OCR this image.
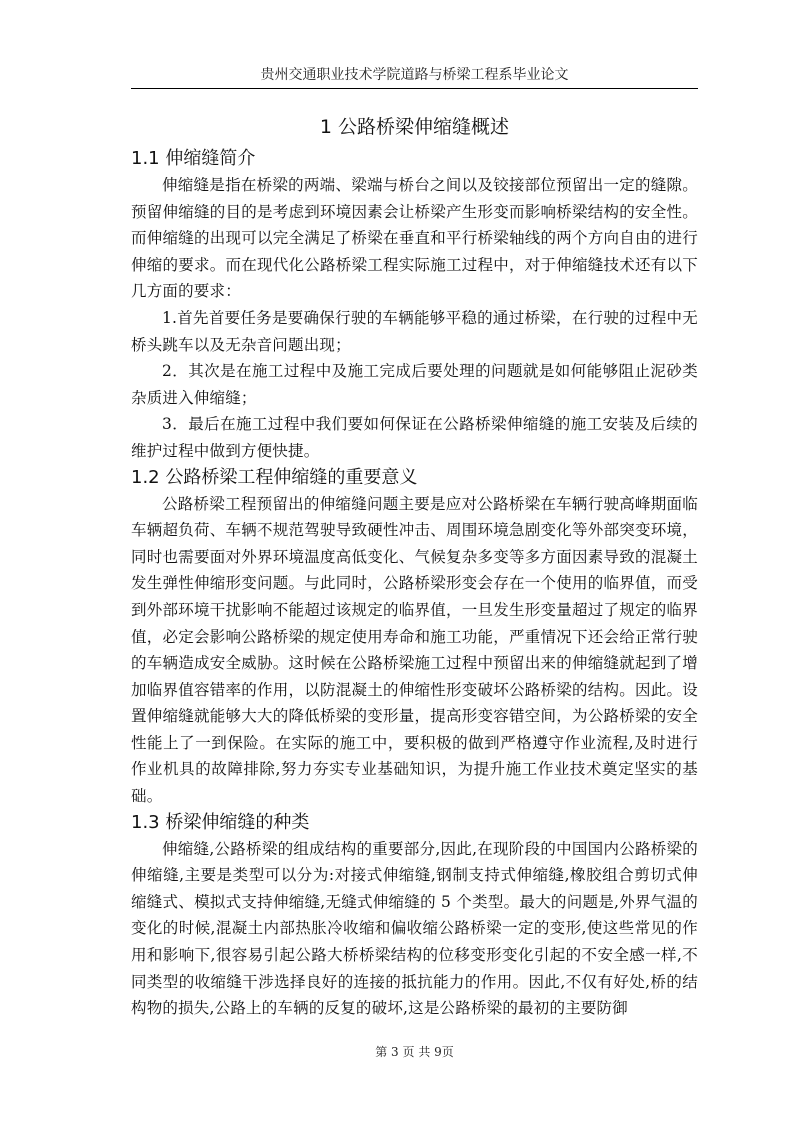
贵州交通职业技术学院道路与桥梁工程系毕业论文
1 公路桥梁伸缩缝概述
1.1 伸缩缝简介

伸缩缝是指在桥梁的两端、梁端与桥台之间以及铰接部位预留出一定的缝隙。预留伸缩缝的目的是考虑到环境因素会让桥梁产生形变而影响桥梁结构的安全性。而伸缩缝的出现可以完全满足了桥梁在垂直和平行桥梁轴线的两个方向自由的进行伸缩的要求。而在现代化公路桥梁工程实际施工过程中，对于伸缩缝技术还有以下几方面的要求：

1.首先首要任务是要确保行驶的车辆能够平稳的通过桥梁，在行驶的过程中无桥头跳车以及无杂音问题出现；

2．其次是在施工过程中及施工完成后要处理的问题就是如何能够阻止泥砂类杂质进入伸缩缝；

3．最后在施工过程中我们要如何保证在公路桥梁伸缩缝的施工安装及后续的维护过程中做到方便快捷。

1.2 公路桥梁工程伸缩缝的重要意义

公路桥梁工程预留出的伸缩缝问题主要是应对公路桥梁在车辆行驶高峰期面临车辆超负荷、车辆不规范驾驶导致硬性冲击、周围环境急剧变化等外部突变环境，同时也需要面对外界环境温度高低变化、气候复杂多变等多方面因素导致的混凝土发生弹性伸缩形变问题。与此同时，公路桥梁形变会存在一个使用的临界值，而受到外部环境干扰影响不能超过该规定的临界值，一旦发生形变量超过了规定的临界值，必定会影响公路桥梁的规定使用寿命和施工功能，严重情况下还会给正常行驶的车辆造成安全威胁。这时候在公路桥梁施工过程中预留出来的伸缩缝就起到了增加临界值容错率的作用，以防混凝土的伸缩性形变破坏公路桥梁的结构。因此。设置伸缩缝就能够大大的降低桥梁的变形量，提高形变容错空间，为公路桥梁的安全性能上了一到保险。在实际的施工中，要积极的做到严格遵守作业流程,及时进行作业机具的故障排除,努力夯实专业基础知识，为提升施工作业技术奠定坚实的基础。

1.3 桥梁伸缩缝的种类

伸缩缝,公路桥梁的组成结构的重要部分,因此,在现阶段的中国国内公路桥梁的伸缩缝,主要是类型可以分为:对接式伸缩缝,钢制支持式伸缩缝,橡胶组合剪切式伸缩缝式、模拟式支持伸缩缝,无缝式伸缩缝的 5 个类型。最大的问题是,外界气温的变化的时候,混凝土内部热胀冷收缩和偏收缩公路桥梁一定的变形,使这些常见的作用和影响下,很容易引起公路大桥桥梁结构的位移变形变化引起的不安全感一样,不同类型的收缩缝干涉选择良好的连接的抵抗能力的作用。因此,不仅有好处,桥的结构物的损失,公路上的车辆的反复的破坏,这是公路桥梁的最初的主要防御

第 3 页 共 9页
